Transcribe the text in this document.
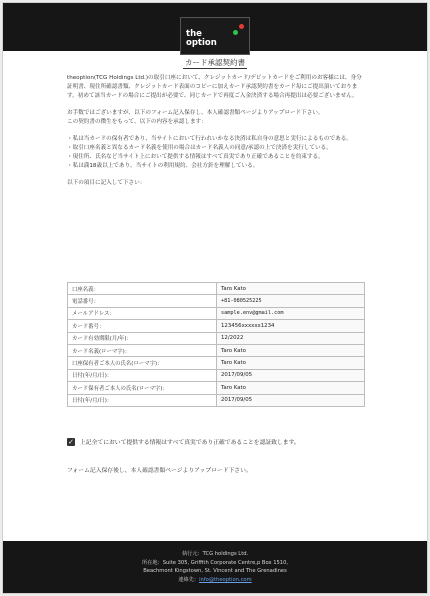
the
option
カード承認契約書

theoption(TCG Holdings Ltd.)の取引口座において、クレジットカード/デビットカードをご利用のお客様には、身分証明書、現住所確認書類、クレジットカード表面のコピーに加えカード承認契約書をカード毎にご提出頂いております。初めて該当カードの場合にご提出が必要で、同じカードで再度ご入金決済する場合再提出は必要ございません。

お手数ではございますが、以下のフォーム記入保存し、本人確認書類ページよりアップロード下さい。

この契約書の徴生をもって、以下の内容を承認します：

・私は当カードの保有者であり、当サイトにおいて行われいかなる決済は私自身の意思と実行によるものである。

・取引口座名義と異なるカード名義を使用の場合はカード名義人の同意/承認の上で決済を実行している。

・現住所、氏名など当サイト上において提供する情報はすべて真実であり正確であることを約束する。

・私は満18歳以上であり、当サイトの利用規約、会社方針を理解している。

以下の項目に記入して下さい：

口座名義：	Taro Kato
電話番号：	+81-080525225
メールアドレス：	sample.env@gmail.com
カード番号：	123456xxxxxx1234
カード有効期限(月/年)：	12/2022
カード名義(ローマ字)：	Taro Kato
口座保有者ご本人の氏名(ローマ字)：	Taro Kato
日付(年/月/日)：	2017/09/05
カード保有者ご本人の氏名(ローマ字)：	Taro Kato
日付(年/月/日)：	2017/09/05
✓ 上記全てにおいて提供する情報はすべて真実であり正確であることを認証致します。
フォーム記入保存後し、本人確認書類ページよりアップロード下さい。
執行元：TCG holdings Ltd.
所在地：Suite 305, Griffith Corporate Centre,p Box 1510,
Beachmont Kingstown, St. Vincent and The Grenadines
連絡先：info@theoption.com
